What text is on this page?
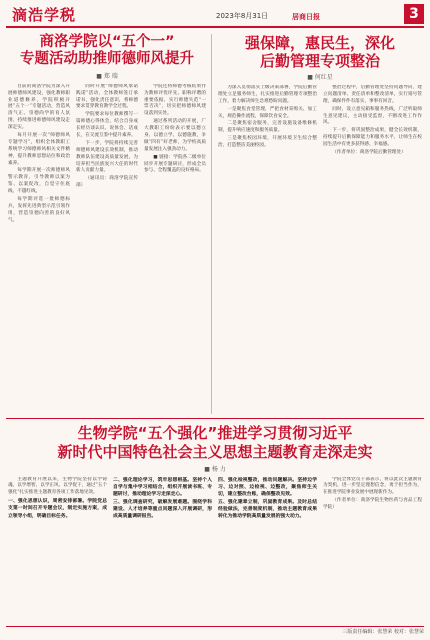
滴浩学税	2023年8月31日	居商日报	3
商洛学院以“五个一”
专题活动助推师德师风提升
■ 郑 瑞

目前的商洛学院为深入开展师德师风建设，强化教师职业道德修养，学院积极开展“五个一”专题活动，营造风清气正、崇德尚学的育人氛围，持续推进师德师风建设走深走实。

每月开展一次“师德师风专题学习”，组织全体教职工系统学习师德师风相关文件精神，提升教师思想站位和政治素养。

每学期开展一次师德师风警示教育，引导教师以案为鉴、以案促改，自觉守住底线、不越红线。

每学期评选一批师德标兵，发挥先进典型示范引领作用，营造崇德向善的良好风气。

同时开展“师德师风承诺践诺”活动，全体教师签订承诺书，强化责任意识，将师德要求贯穿教育教学全过程。

学院要求每位教师撰写一篇师德心得体会，结合自身成长经历谈认识、说体会、话成长，在交流互鉴中提升素养。

下一步，学院将持续完善师德师风建设长效机制，推动教师队伍建设高质量发展，为培养担当民族复兴大任的时代新人贡献力量。

（通讯员：商洛学院宣传部）

学院还将师德考核结果作为教师评优评先、职称评聘的重要依据，实行师德失范“一票否决”，切实把师德师风建设落到实处。

通过系列活动的开展，广大教职工纷纷表示要以德立身、以德立学、以德施教，争做“四有”好老师，为学校高质量发展注入强劲动力。

■ 链接：学院各二级单位同步开展专题研讨，形成全员参与、全程覆盖的良好格局。

强保障，惠民生，深化
后勤管理专项整治
■ 何红星

为深入贯彻落实上级决策部署，学院后勤管理处立足服务师生，扎实推进后勤管理专项整治工作，着力解决师生急难愁盼问题。

一是聚焦食堂管理，严把食材采购关、加工关，规范操作流程，保障饮食安全。

二是聚焦宿舍服务，完善设施设备维修机制，提升响应速度和服务质量。

三是聚焦校园环境，开展环境卫生综合整治，打造整洁美丽校园。

整治过程中，后勤管理处坚持问题导向，建立问题清单、责任清单和整改清单，实行销号管理，确保件件有落实、事事有回音。

同时，设立意见箱和服务热线，广泛听取师生意见建议，主动接受监督，不断改进工作作风。

下一步，将巩固整治成果，健全长效机制，持续提升后勤保障能力和服务水平，让师生在校园生活中有更多获得感、幸福感。

（作者单位：商洛学院后勤管理处）

生物学院“五个强化”推进学习贯彻习近平
新时代中国特色社会主义思想主题教育走深走实
■ 杨 力

主题教育开展以来，生物学院坚持以学铸魂、以学增智、以学正风、以学促干，通过“五个强化”扎实推进主题教育各项工作落地见效。

一、强化思想认识，周密安排部署。学院党总支第一时间召开专题会议，制定实施方案，成立领导小组，明确目标任务。

二、强化理论学习，筑牢思想根基。坚持个人自学与集中学习相结合，组织开展读书班、专题研讨，推动理论学习走深走心。

三、强化调查研究，破解发展难题。围绕学科建设、人才培养等重点问题深入开展调研，形成高质量调研报告。

四、强化检视整改，推动问题解决。坚持边学习、边对照、边检视、边整改，聚焦师生关切，建立整改台账，确保整改见效。

五、强化建章立制，巩固教育成果。及时总结经验做法，完善制度机制，推动主题教育成果转化为推动学院高质量发展的强大动力。

学院全体党员干部表示，将以此次主题教育为契机，进一步坚定理想信念，勇于担当作为，在推进学院事业发展中展现新作为。

（作者单位：商洛学院生物医药与食品工程学院）

三版责任编辑：张慧荣 校对：张慧荣
